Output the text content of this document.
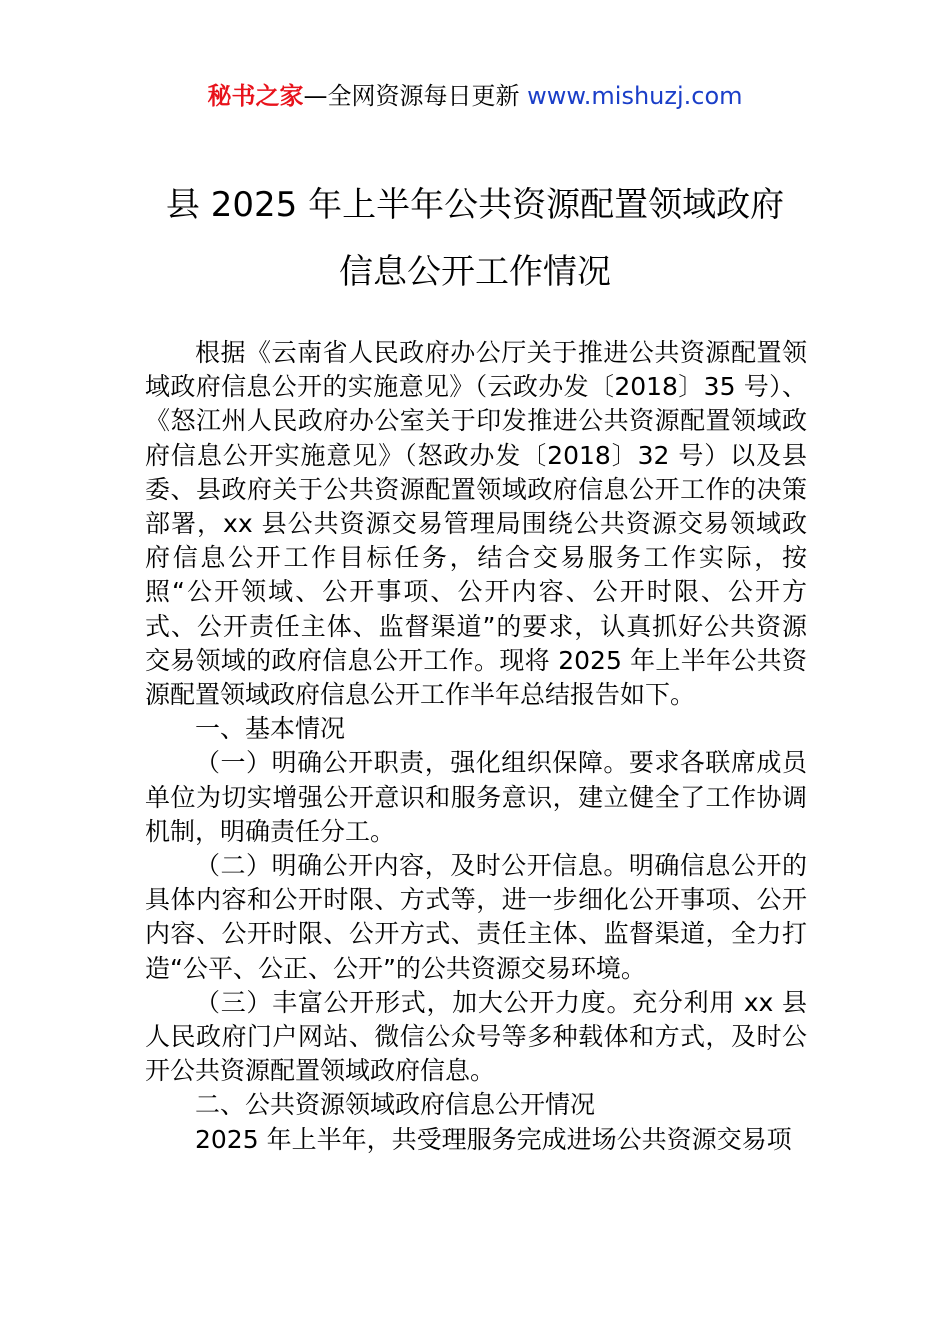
秘书之家—全网资源每日更新 www.mishuzj.com
县 2025 年上半年公共资源配置领域政府
信息公开工作情况

根据《云南省人民政府办公厅关于推进公共资源配置领域政府信息公开的实施意见》（云政办发〔2018〕35 号）、《怒江州人民政府办公室关于印发推进公共资源配置领域政府信息公开实施意见》（怒政办发〔2018〕32 号）以及县委、县政府关于公共资源配置领域政府信息公开工作的决策部署，xx 县公共资源交易管理局围绕公共资源交易领域政府信息公开工作目标任务，结合交易服务工作实际，按照“公开领域、公开事项、公开内容、公开时限、公开方式、公开责任主体、监督渠道”的要求，认真抓好公共资源交易领域的政府信息公开工作。现将 2025 年上半年公共资源配置领域政府信息公开工作半年总结报告如下。

一、基本情况

（一）明确公开职责，强化组织保障。要求各联席成员单位为切实增强公开意识和服务意识，建立健全了工作协调机制，明确责任分工。

（二）明确公开内容，及时公开信息。明确信息公开的具体内容和公开时限、方式等，进一步细化公开事项、公开内容、公开时限、公开方式、责任主体、监督渠道，全力打造“公平、公正、公开”的公共资源交易环境。

（三）丰富公开形式，加大公开力度。充分利用 xx 县人民政府门户网站、微信公众号等多种载体和方式，及时公开公共资源配置领域政府信息。

二、公共资源领域政府信息公开情况

2025 年上半年，共受理服务完成进场公共资源交易项
